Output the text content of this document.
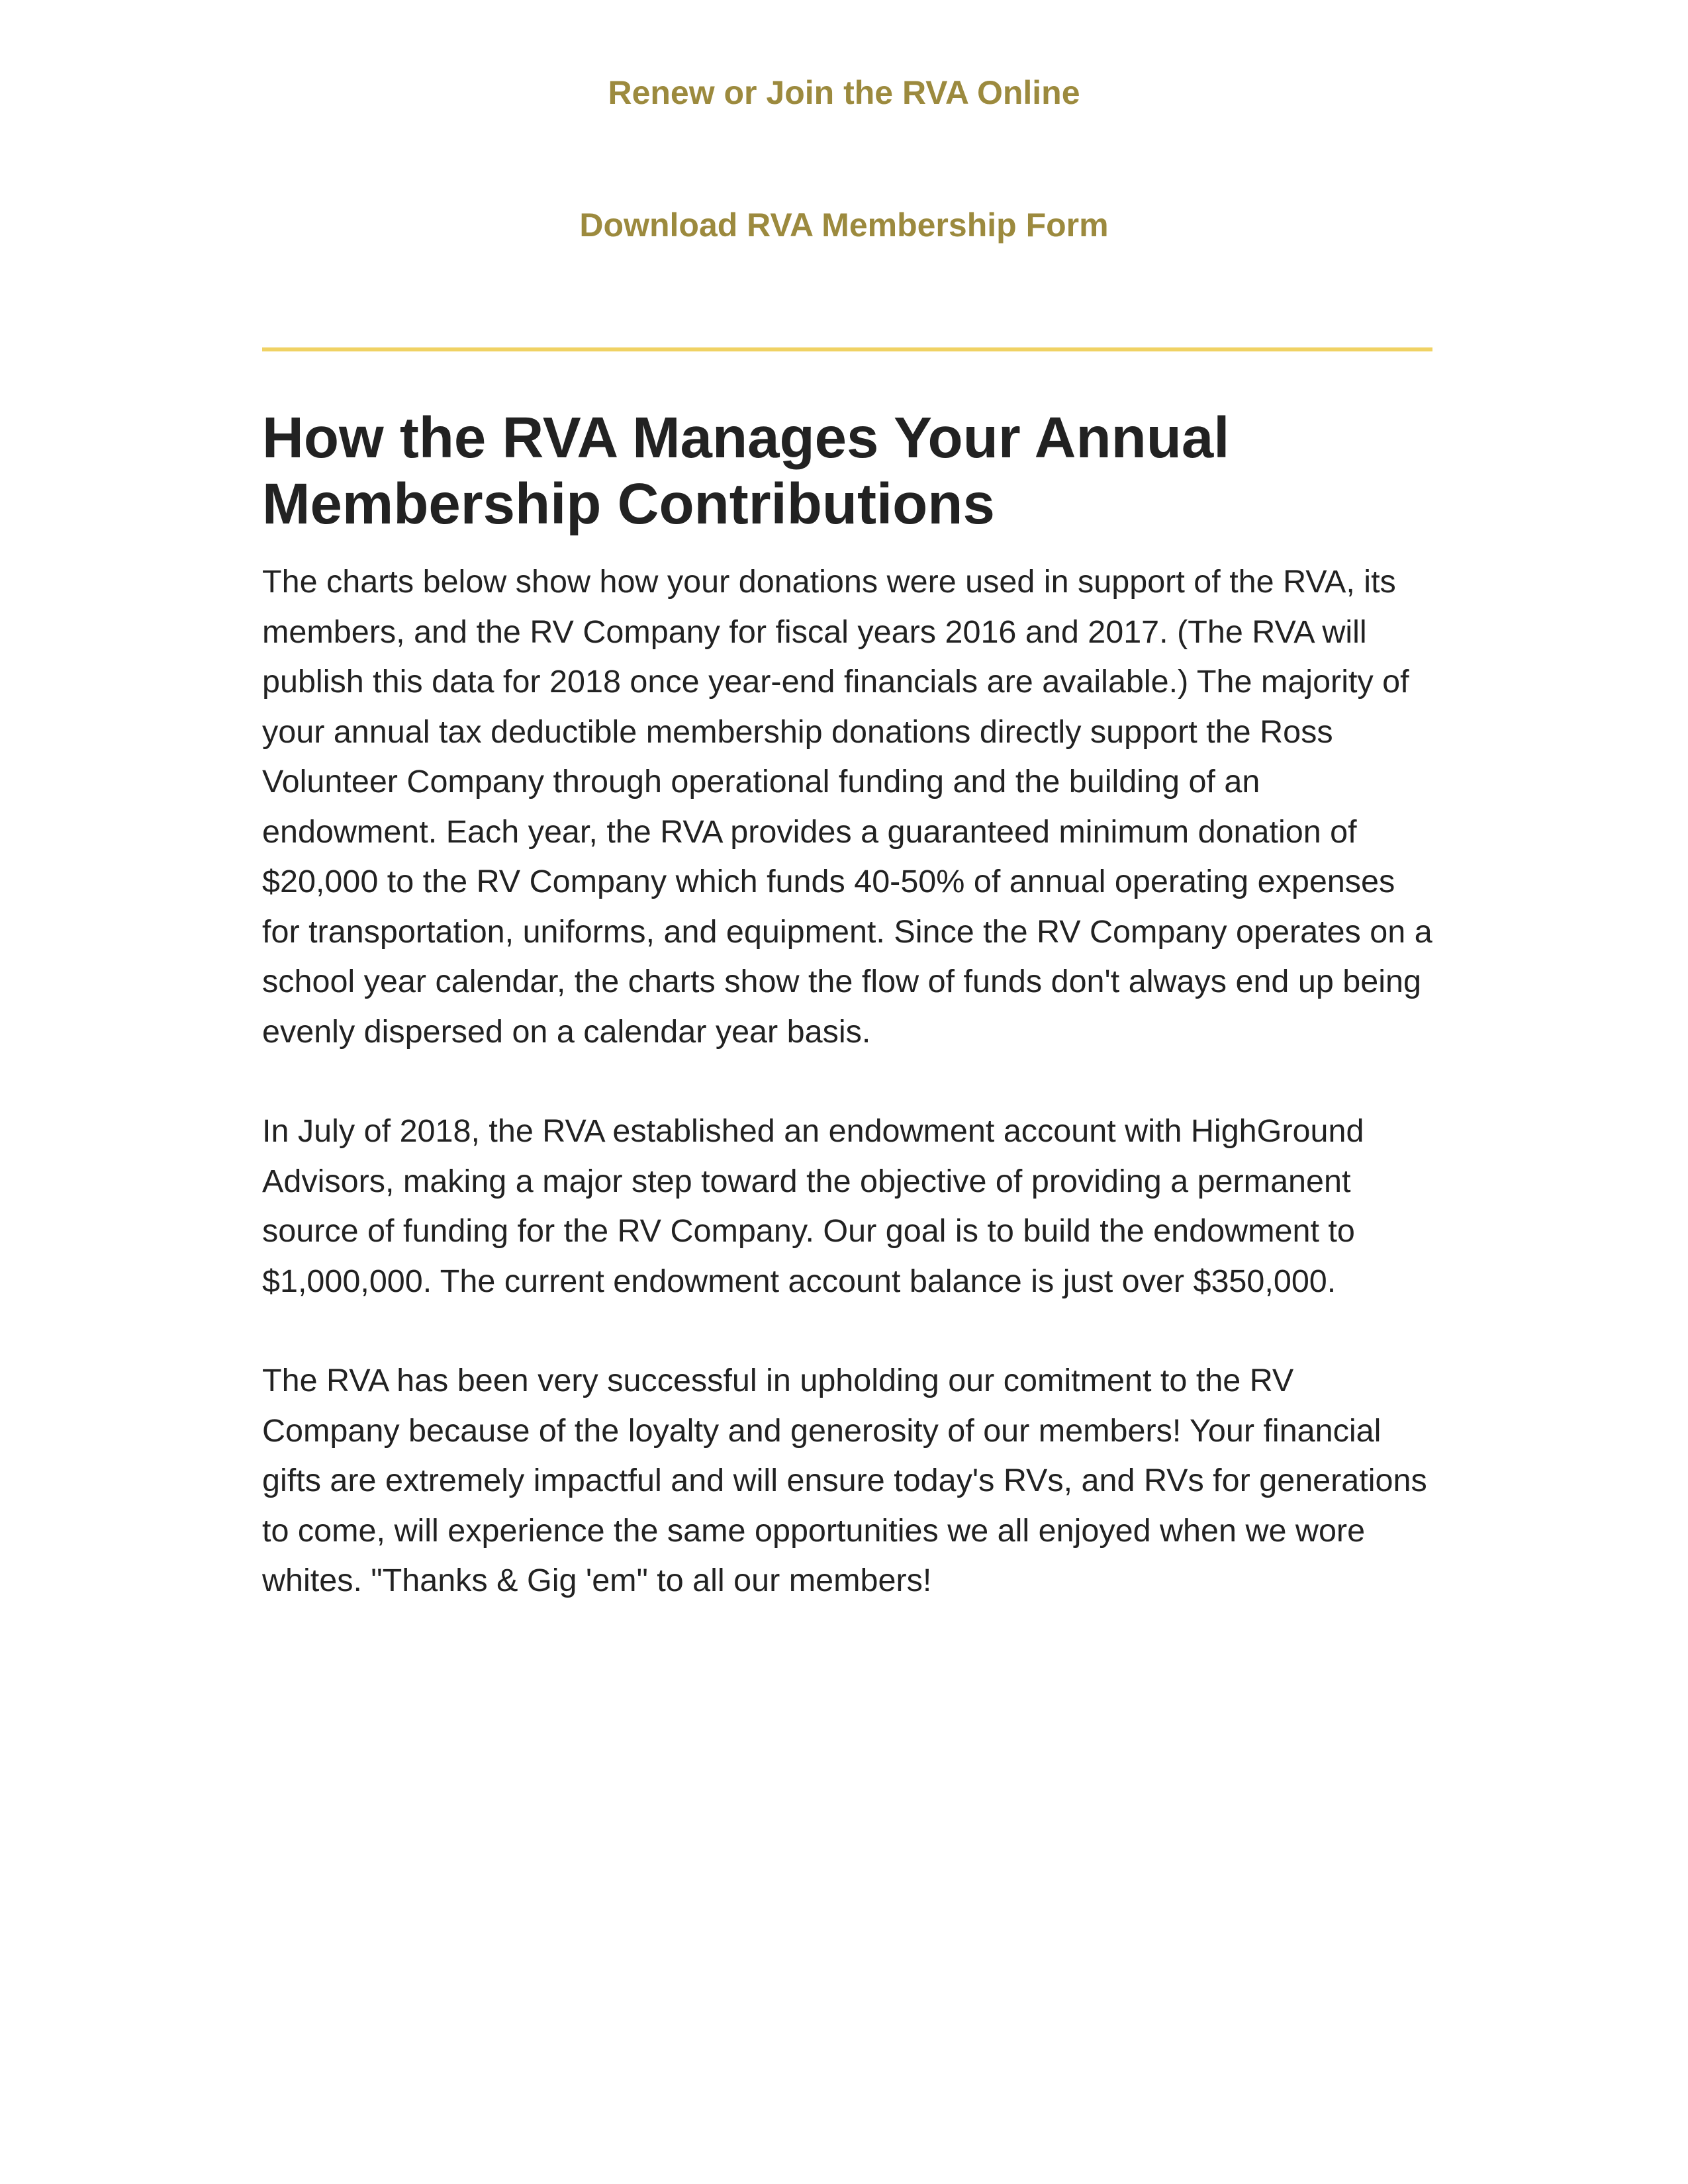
Renew or Join the RVA Online
Download RVA Membership Form
How the RVA Manages Your Annual Membership Contributions

The charts below show how your donations were used in support of the RVA, its members, and the RV Company for fiscal years 2016 and 2017. (The RVA will publish this data for 2018 once year-end financials are available.) The majority of your annual tax deductible membership donations directly support the Ross Volunteer Company through operational funding and the building of an endowment. Each year, the RVA provides a guaranteed minimum donation of $20,000 to the RV Company which funds 40-50% of annual operating expenses for transportation, uniforms, and equipment. Since the RV Company operates on a school year calendar, the charts show the flow of funds don't always end up being evenly dispersed on a calendar year basis.

In July of 2018, the RVA established an endowment account with HighGround Advisors, making a major step toward the objective of providing a permanent source of funding for the RV Company. Our goal is to build the endowment to $1,000,000. The current endowment account balance is just over $350,000.

The RVA has been very successful in upholding our comitment to the RV Company because of the loyalty and generosity of our members! Your financial gifts are extremely impactful and will ensure today's RVs, and RVs for generations to come, will experience the same opportunities we all enjoyed when we wore whites. "Thanks & Gig 'em" to all our members!
